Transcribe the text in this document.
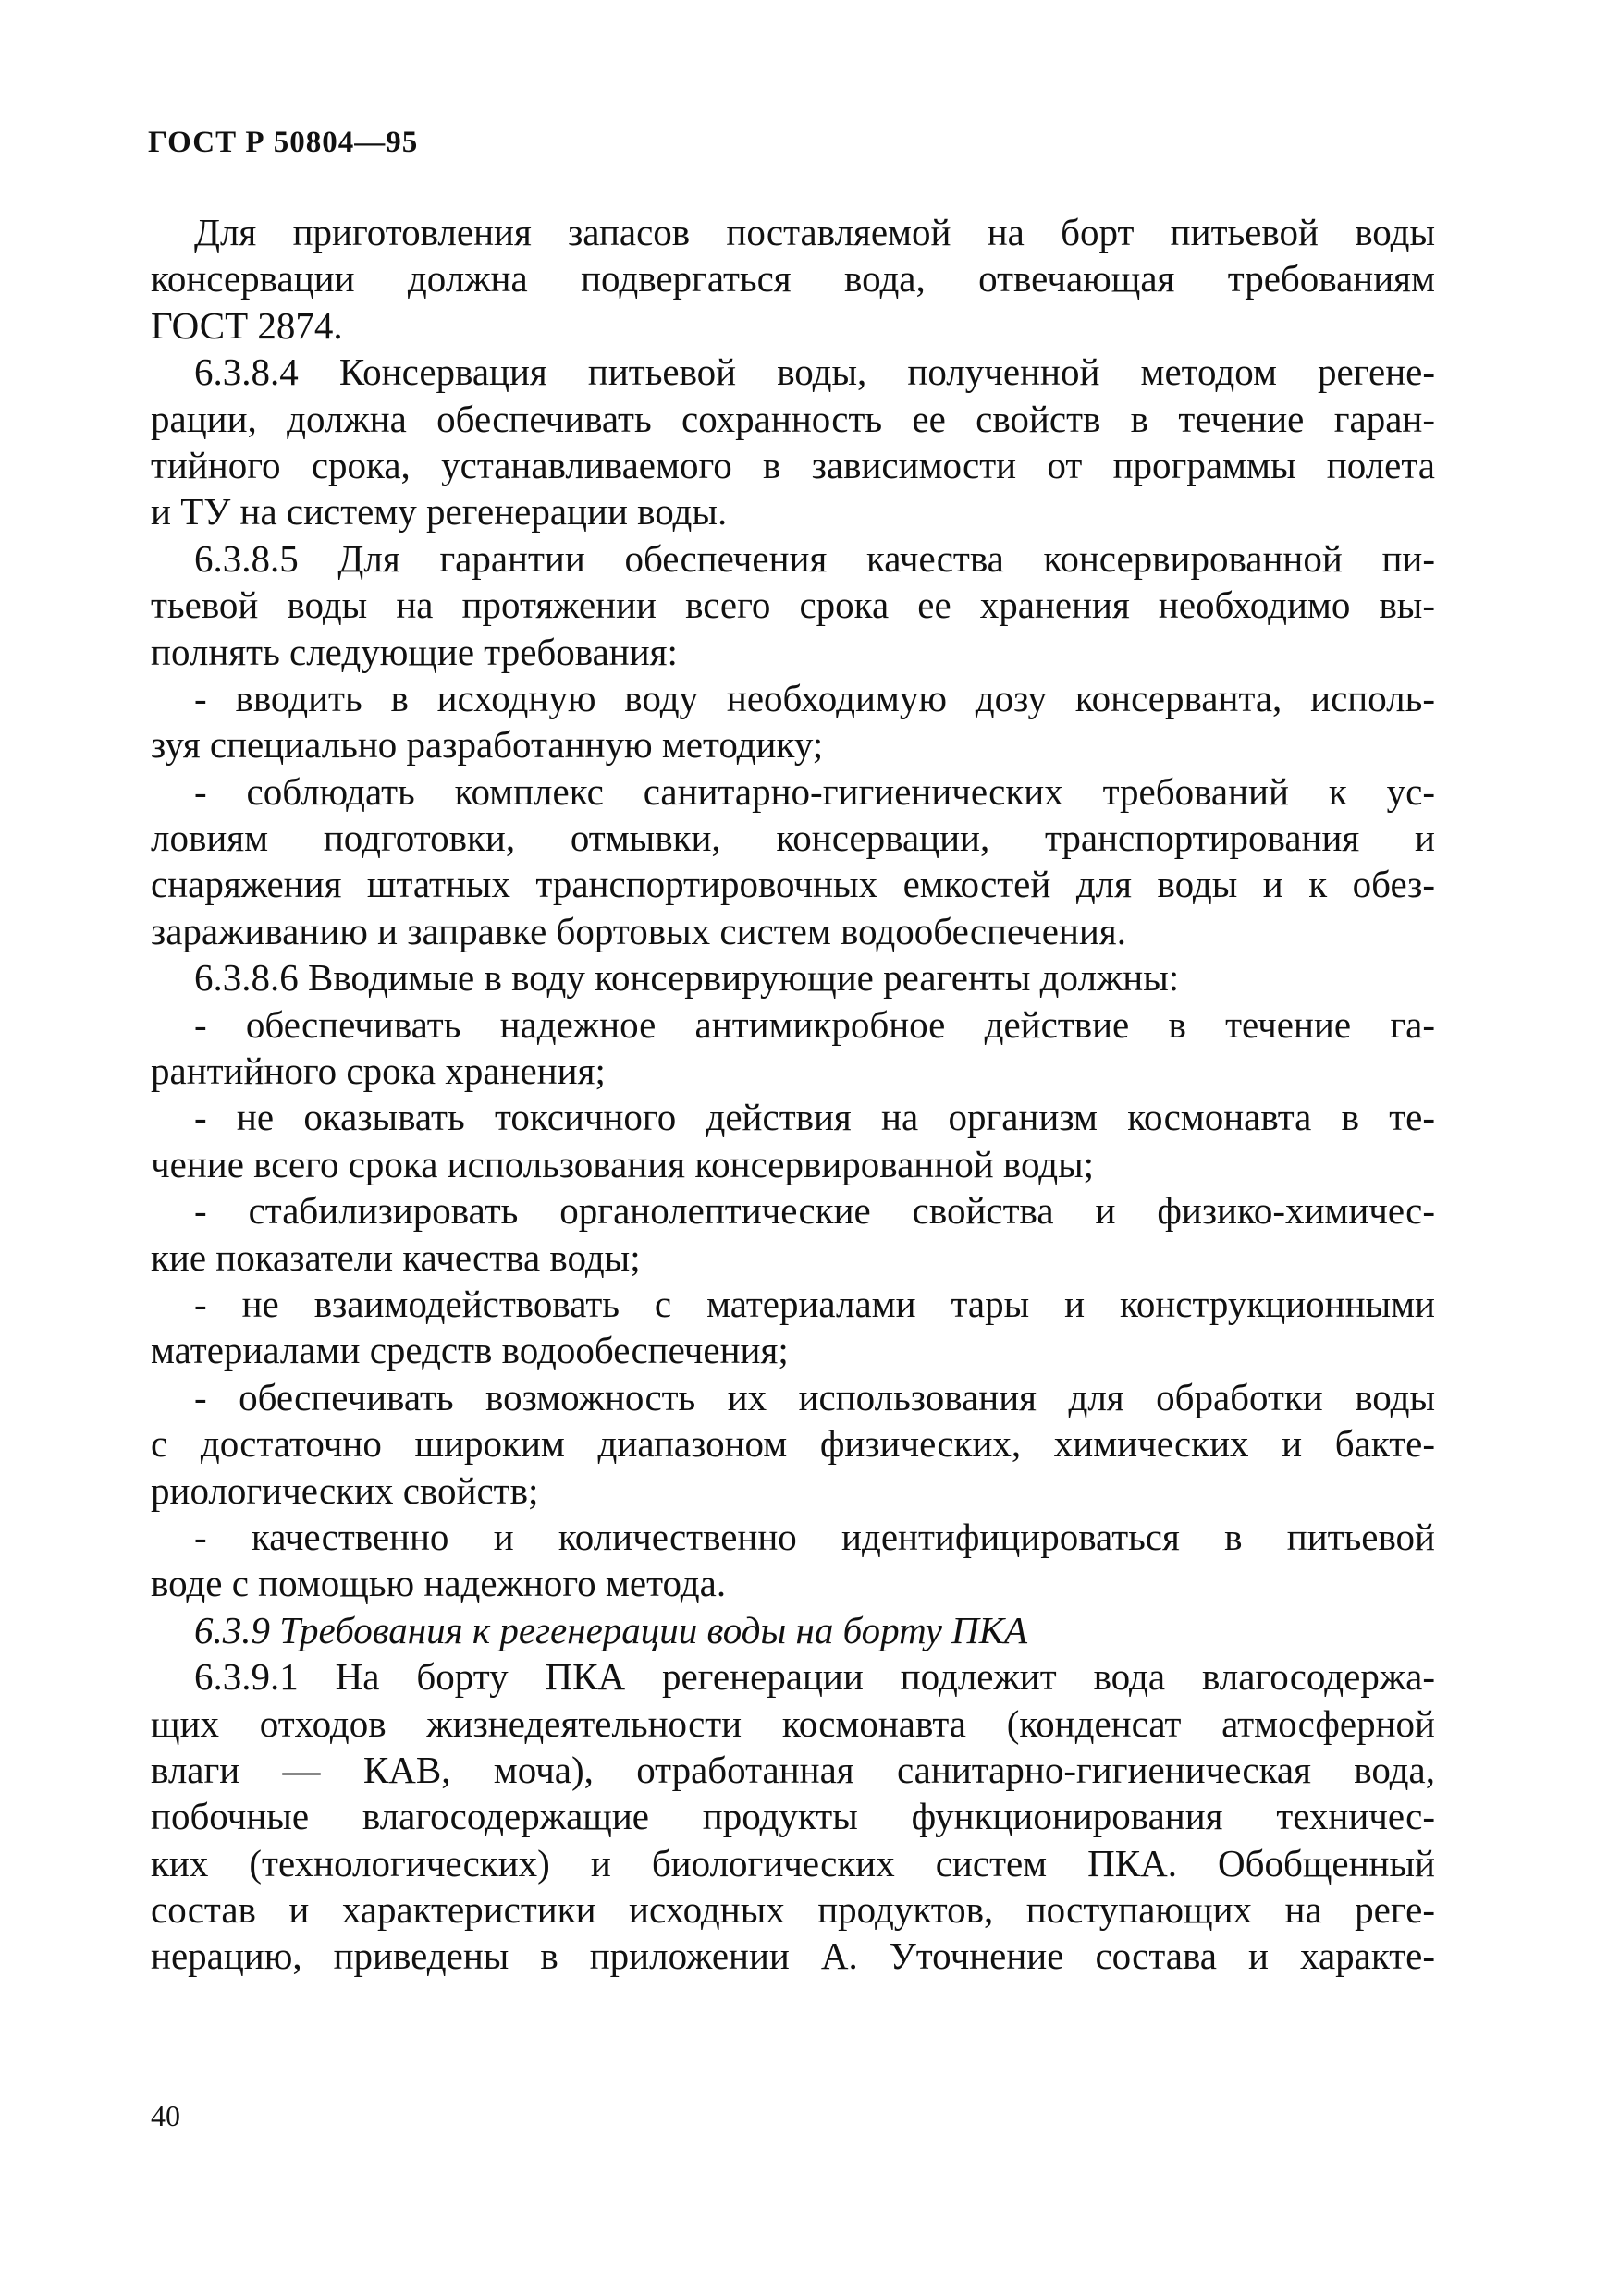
ГОСТ Р 50804—95
Для приготовления запасов поставляемой на борт питьевой воды
консервации должна подвергаться вода, отвечающая требованиям
ГОСТ 2874.
6.3.8.4 Консервация питьевой воды, полученной методом регене-
рации, должна обеспечивать сохранность ее свойств в течение гаран-
тийного срока, устанавливаемого в зависимости от программы полета
и ТУ на систему регенерации воды.
6.3.8.5 Для гарантии обеспечения качества консервированной пи-
тьевой воды на протяжении всего срока ее хранения необходимо вы-
полнять следующие требования:
- вводить в исходную воду необходимую дозу консерванта, исполь-
зуя специально разработанную методику;
- соблюдать комплекс санитарно-гигиенических требований к ус-
ловиям подготовки, отмывки, консервации, транспортирования и
снаряжения штатных транспортировочных емкостей для воды и к обез-
зараживанию и заправке бортовых систем водообеспечения.
6.3.8.6 Вводимые в воду консервирующие реагенты должны:
- обеспечивать надежное антимикробное действие в течение га-
рантийного срока хранения;
- не оказывать токсичного действия на организм космонавта в те-
чение всего срока использования консервированной воды;
- стабилизировать органолептические свойства и физико-химичес-
кие показатели качества воды;
- не взаимодействовать с материалами тары и конструкционными
материалами средств водообеспечения;
- обеспечивать возможность их использования для обработки воды
с достаточно широким диапазоном физических, химических и бакте-
риологических свойств;
- качественно и количественно идентифицироваться в питьевой
воде с помощью надежного метода.
6.3.9 Требования к регенерации воды на борту ПКА
6.3.9.1 На борту ПКА регенерации подлежит вода влагосодержа-
щих отходов жизнедеятельности космонавта (конденсат атмосферной
влаги — КАВ, моча), отработанная санитарно-гигиеническая вода,
побочные влагосодержащие продукты функционирования техничес-
ких (технологических) и биологических систем ПКА. Обобщенный
состав и характеристики исходных продуктов, поступающих на реге-
нерацию, приведены в приложении А. Уточнение состава и характе-
40
